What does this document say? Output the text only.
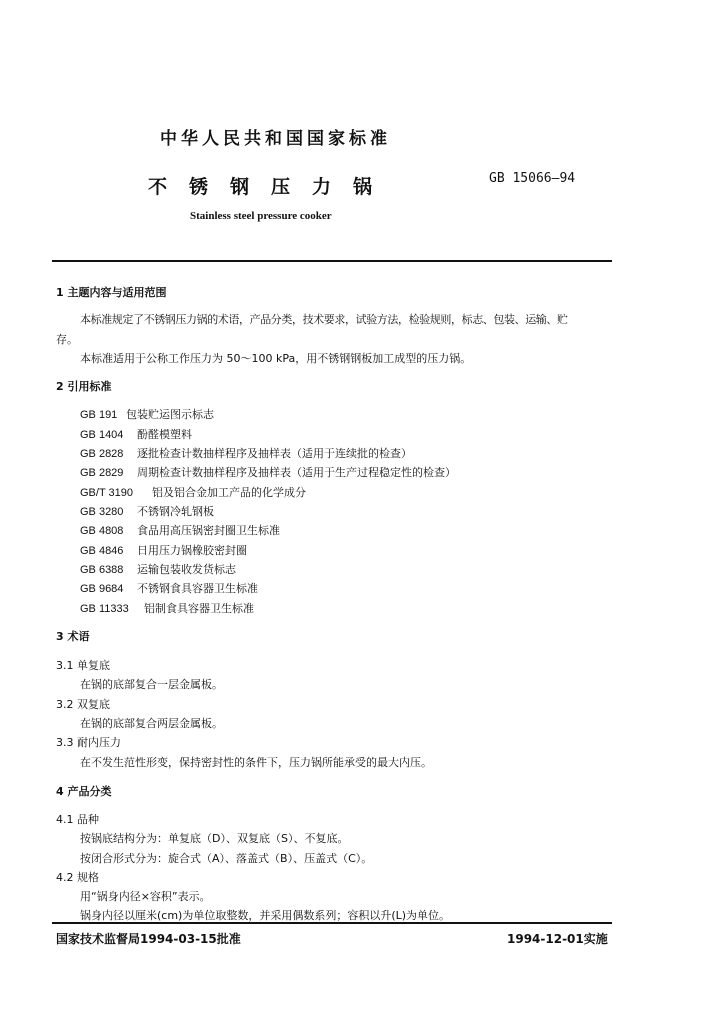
中华人民共和国国家标准
不锈钢压力锅	GB 15066—94
Stainless steel pressure cooker
1 主题内容与适用范围
本标准规定了不锈钢压力锅的术语，产品分类，技术要求，试验方法，检验规则，标志、包装、运输、贮
存。
本标准适用于公称工作压力为 50～100 kPa，用不锈钢钢板加工成型的压力锅。
2 引用标准
GB 191 包装贮运图示标志
GB 1404 酚醛模塑料
GB 2828 逐批检查计数抽样程序及抽样表（适用于连续批的检查）
GB 2829 周期检查计数抽样程序及抽样表（适用于生产过程稳定性的检查）
GB/T 3190 铝及铝合金加工产品的化学成分
GB 3280 不锈钢冷轧钢板
GB 4808 食品用高压锅密封圈卫生标准
GB 4846 日用压力锅橡胶密封圈
GB 6388 运输包装收发货标志
GB 9684 不锈钢食具容器卫生标准
GB 11333 铝制食具容器卫生标准
3 术语
3.1 单复底
在锅的底部复合一层金属板。
3.2 双复底
在锅的底部复合两层金属板。
3.3 耐内压力
在不发生范性形变，保持密封性的条件下，压力锅所能承受的最大内压。
4 产品分类
4.1 品种
按锅底结构分为：单复底（D）、双复底（S）、不复底。
按闭合形式分为：旋合式（A）、落盖式（B）、压盖式（C）。
4.2 规格
用“锅身内径×容积”表示。
锅身内径以厘米(cm)为单位取整数，并采用偶数系列；容积以升(L)为单位。
国家技术监督局1994-03-15批准	1994-12-01实施
